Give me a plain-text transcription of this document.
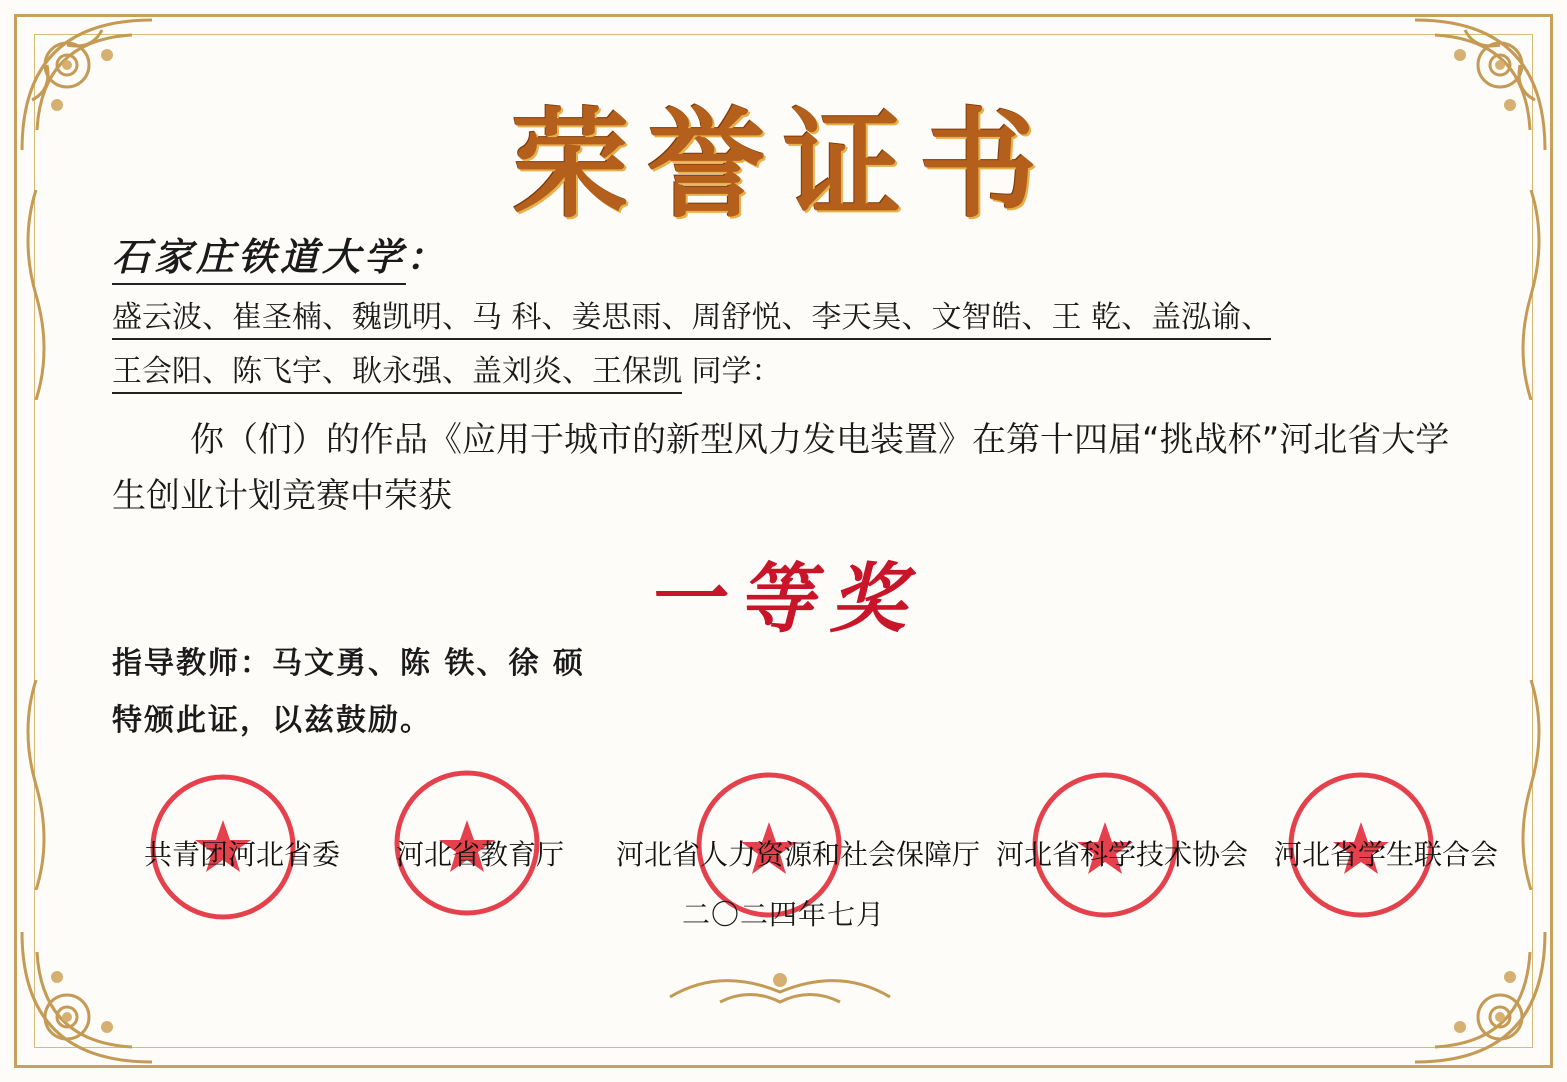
荣誉证书
石家庄铁道大学：
盛云波、崔圣楠、魏凯明、马 科、姜思雨、周舒悦、李天昊、文智皓、王 乾、盖泓谕、
王会阳、陈飞宇、耿永强、盖刘炎、王保凯 同学：
你（们）的作品《应用于城市的新型风力发电装置》在第十四届“挑战杯”河北省大学生创业计划竞赛中荣获
一等奖
指导教师：马文勇、陈 铁、徐 硕
特颁此证，以兹鼓励。
共青团河北省委 河北省教育厅 河北省人力资源和社会保障厅 河北省科学技术协会 河北省学生联合会
二〇二四年七月
